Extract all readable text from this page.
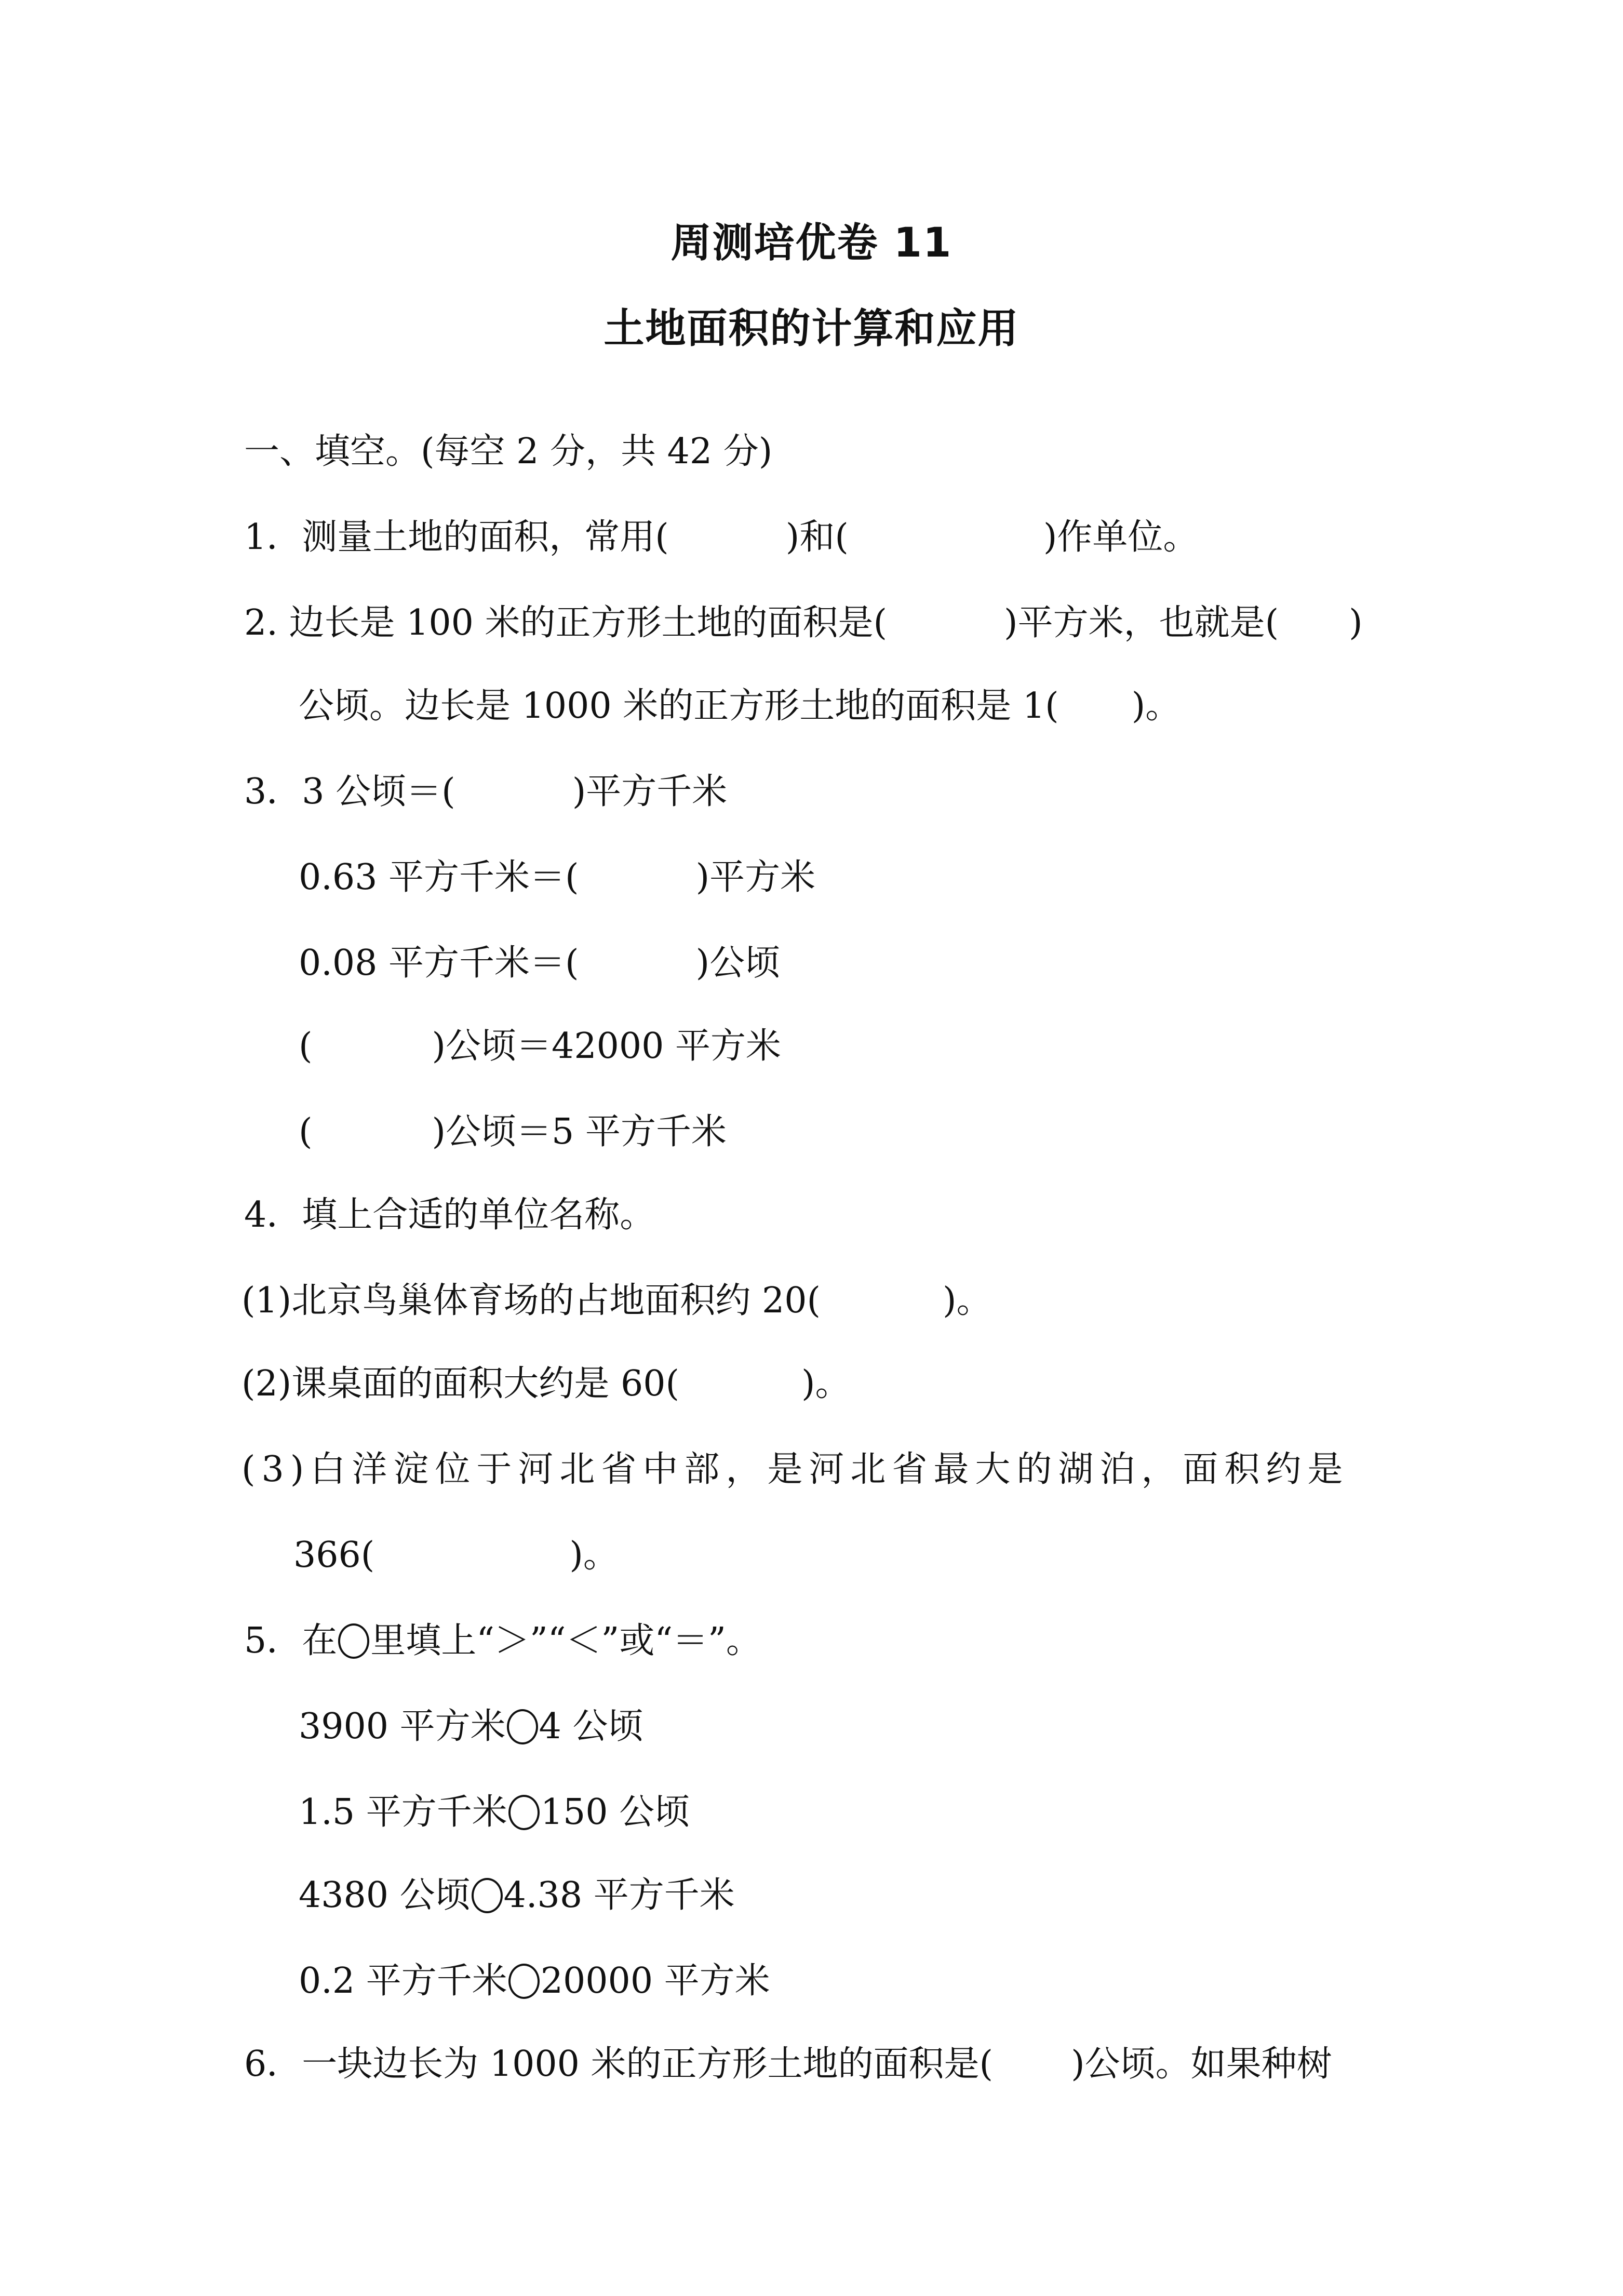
周测培优卷 11
土地面积的计算和应用
一、填空。(每空 2 分，共 42 分)
1．测量土地的面积，常用(	)和(	)作单位。
2. 边长是 100 米的正方形土地的面积是(	)平方米，也就是( )
公顷。边长是 1000 米的正方形土地的面积是 1( )。
3．3 公顷＝(	)平方千米
0.63 平方千米＝(	)平方米
0.08 平方千米＝(	)公顷
(	)公顷＝42000 平方米
(	)公顷＝5 平方千米
4．填上合适的单位名称。
(1)北京鸟巢体育场的占地面积约 20(	)。
(2)课桌面的面积大约是 60(	)。
(3)白洋淀位于河北省中部，是河北省最大的湖泊，面积约是
366(	)。
5．在 里填上“＞”“＜”或“＝”。
3900 平方米 4 公顷
1.5 平方千米 150 公顷
4380 公顷 4.38 平方千米
0.2 平方千米 20000 平方米
6．一块边长为 1000 米的正方形土地的面积是( )公顷。如果种树
